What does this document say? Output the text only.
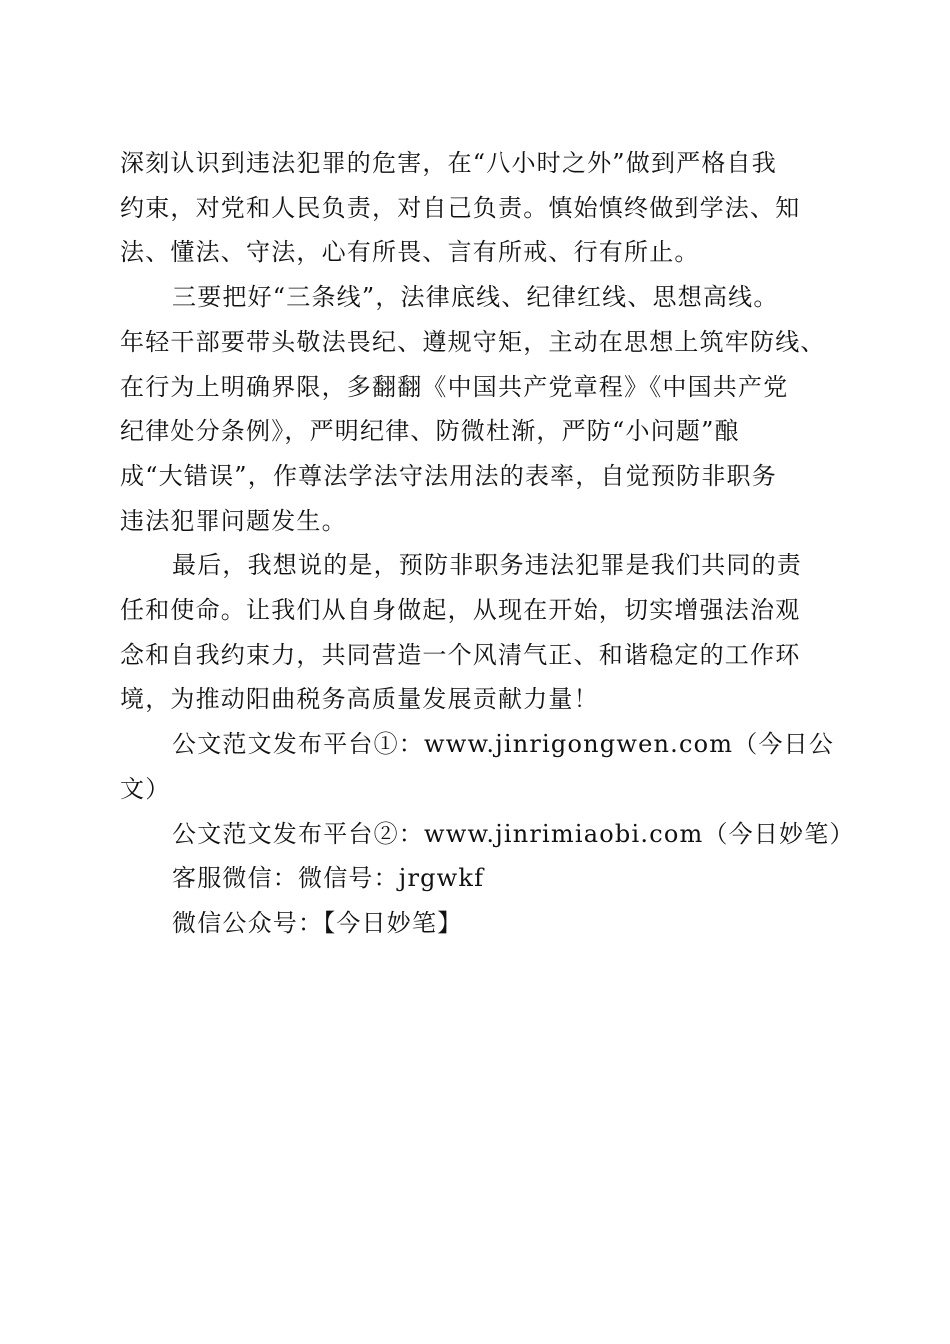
深刻认识到违法犯罪的危害，在“八小时之外”做到严格自我
约束，对党和人民负责，对自己负责。慎始慎终做到学法、知
法、懂法、守法，心有所畏、言有所戒、行有所止。
三要把好“三条线”，法律底线、纪律红线、思想高线。
年轻干部要带头敬法畏纪、遵规守矩，主动在思想上筑牢防线、
在行为上明确界限，多翻翻《中国共产党章程》《中国共产党
纪律处分条例》，严明纪律、防微杜渐，严防“小问题”酿
成“大错误”，作尊法学法守法用法的表率，自觉预防非职务
违法犯罪问题发生。
最后，我想说的是，预防非职务违法犯罪是我们共同的责
任和使命。让我们从自身做起，从现在开始，切实增强法治观
念和自我约束力，共同营造一个风清气正、和谐稳定的工作环
境，为推动阳曲税务高质量发展贡献力量！
公文范文发布平台①：www.jinrigongwen.com（今日公
文）

公文范文发布平台②：www.jinrimiaobi.com（今日妙笔）

客服微信：微信号：jrgwkf

微信公众号：【今日妙笔】
